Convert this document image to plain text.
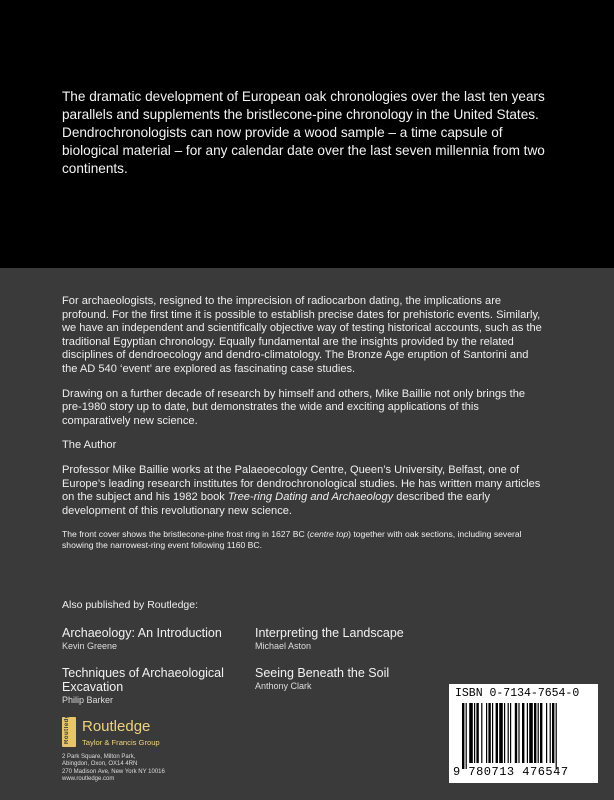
The dramatic development of European oak chronologies over the last ten years parallels and supplements the bristlecone-pine chronology in the United States. Dendrochronologists can now provide a wood sample – a time capsule of biological material – for any calendar date over the last seven millennia from two continents.

For archaeologists, resigned to the imprecision of radiocarbon dating, the implications are profound. For the first time it is possible to establish precise dates for prehistoric events. Similarly, we have an independent and scientifically objective way of testing historical accounts, such as the traditional Egyptian chronology. Equally fundamental are the insights provided by the related disciplines of dendroecology and dendro-climatology. The Bronze Age eruption of Santorini and the AD 540 ‘event’ are explored as fascinating case studies.

Drawing on a further decade of research by himself and others, Mike Baillie not only brings the pre-1980 story up to date, but demonstrates the wide and exciting applications of this comparatively new science.

The Author

Professor Mike Baillie works at the Palaeoecology Centre, Queen’s University, Belfast, one of Europe’s leading research institutes for dendrochronological studies. He has written many articles on the subject and his 1982 book Tree-ring Dating and Archaeology described the early development of this revolutionary new science.

The front cover shows the bristlecone-pine frost ring in 1627 BC (centre top) together with oak sections, including several showing the narrowest-ring event following 1160 BC.

Also published by Routledge:
Archaeology: An Introduction
Kevin Greene
Interpreting the Landscape
Michael Aston
Techniques of Archaeological Excavation
Philip Barker
Seeing Beneath the Soil
Anthony Clark
Routledge Routledge
Taylor & Francis Group
2 Park Square, Milton Park,
Abingdon, Oxon, OX14 4RN
270 Madison Ave, New York NY 10016
www.routledge.com
ISBN 0-7134-7654-0
9 780713 476547
